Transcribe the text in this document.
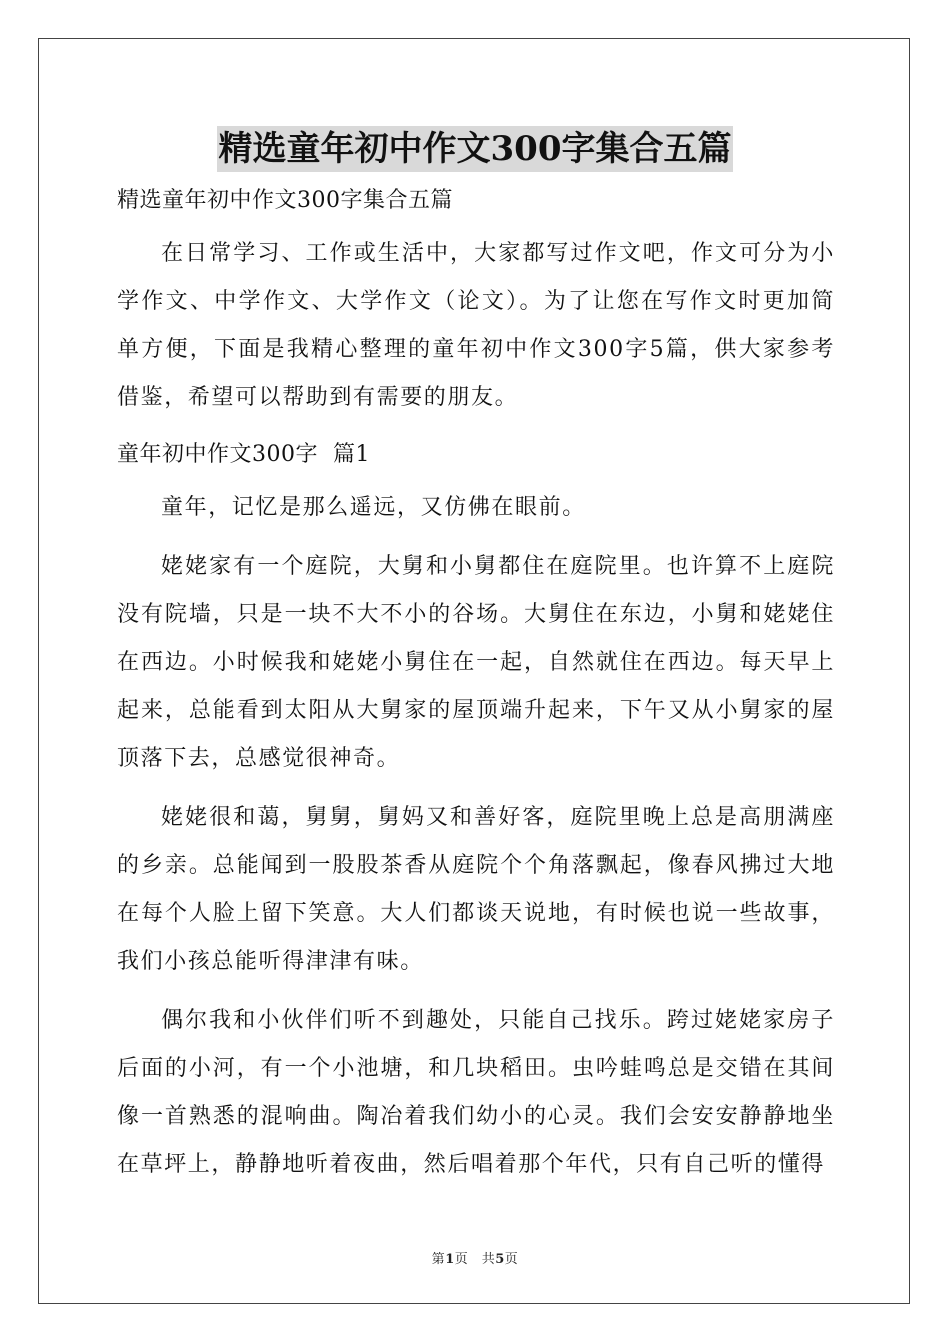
精选童年初中作文300字集合五篇
精选童年初中作文300字集合五篇

在日常学习、工作或生活中，大家都写过作文吧，作文可分为小学作文、中学作文、大学作文（论文）。为了让您在写作文时更加简单方便，下面是我精心整理的童年初中作文300字5篇，供大家参考借鉴，希望可以帮助到有需要的朋友。

童年初中作文300字  篇1

童年，记忆是那么遥远，又仿佛在眼前。

姥姥家有一个庭院，大舅和小舅都住在庭院里。也许算不上庭院没有院墙，只是一块不大不小的谷场。大舅住在东边，小舅和姥姥住在西边。小时候我和姥姥小舅住在一起，自然就住在西边。每天早上起来，总能看到太阳从大舅家的屋顶端升起来，下午又从小舅家的屋顶落下去，总感觉很神奇。

姥姥很和蔼，舅舅，舅妈又和善好客，庭院里晚上总是高朋满座的乡亲。总能闻到一股股茶香从庭院个个角落飘起，像春风拂过大地在每个人脸上留下笑意。大人们都谈天说地，有时候也说一些故事，我们小孩总能听得津津有味。

偶尔我和小伙伴们听不到趣处，只能自己找乐。跨过姥姥家房子后面的小河，有一个小池塘，和几块稻田。虫吟蛙鸣总是交错在其间像一首熟悉的混响曲。陶冶着我们幼小的心灵。我们会安安静静地坐在草坪上，静静地听着夜曲，然后唱着那个年代，只有自己听的懂得

第1页　共5页
